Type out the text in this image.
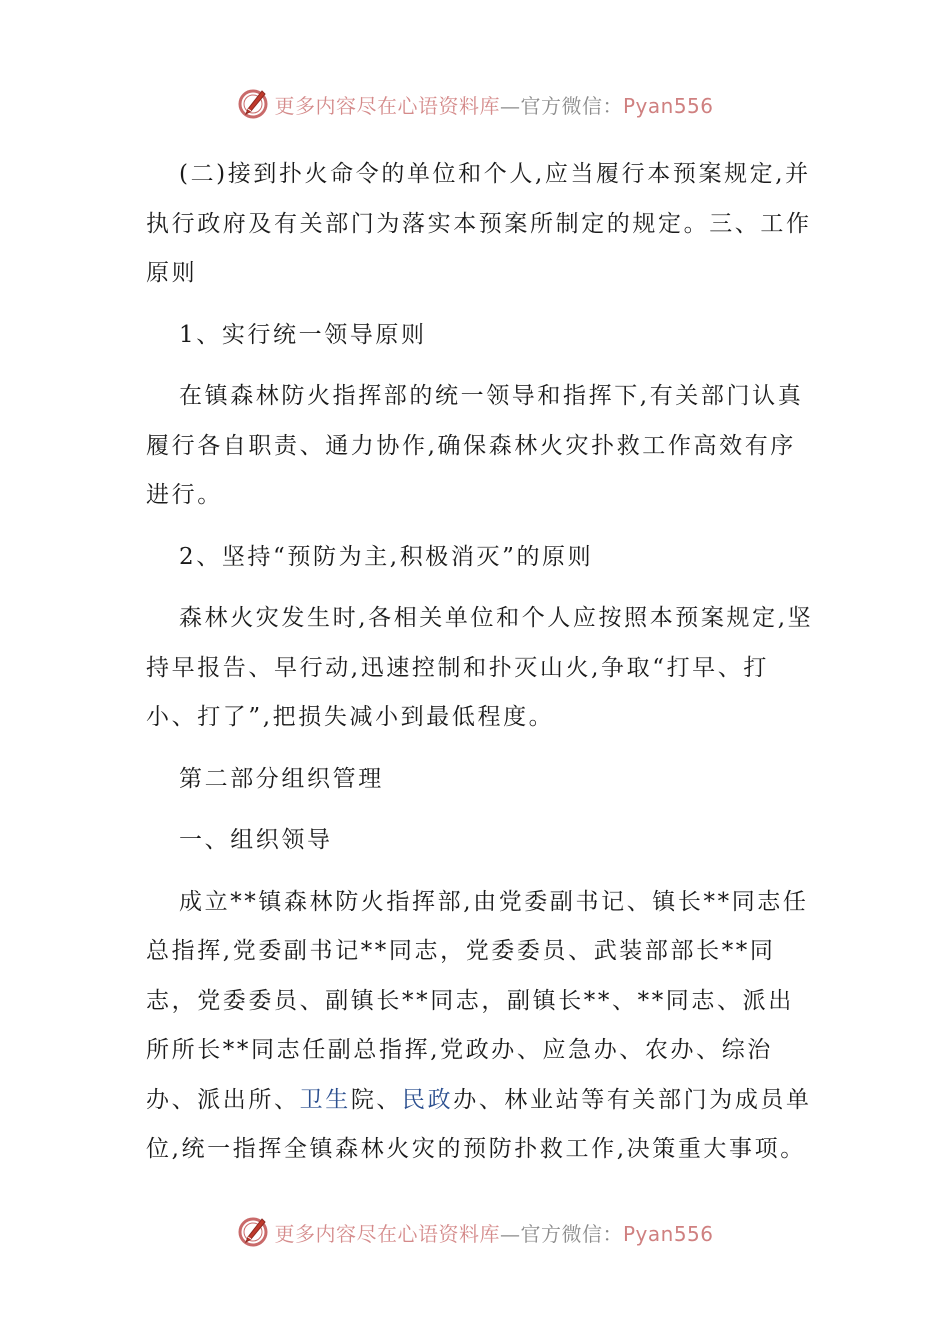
更多内容尽在心语资料库—官方微信：Pyan556

(二)接到扑火命令的单位和个人,应当履行本预案规定,并执行政府及有关部门为落实本预案所制定的规定。三、工作原则

1、实行统一领导原则

在镇森林防火指挥部的统一领导和指挥下,有关部门认真履行各自职责、通力协作,确保森林火灾扑救工作高效有序进行。

2、坚持“预防为主,积极消灭”的原则

森林火灾发生时,各相关单位和个人应按照本预案规定,坚持早报告、早行动,迅速控制和扑灭山火,争取“打早、打小、打了”,把损失减小到最低程度。

第二部分组织管理

一、组织领导

成立**镇森林防火指挥部,由党委副书记、镇长**同志任总指挥,党委副书记**同志，党委委员、武装部部长**同志，党委委员、副镇长**同志，副镇长**、**同志、派出所所长**同志任副总指挥,党政办、应急办、农办、综治办、派出所、卫生院、民政办、林业站等有关部门为成员单位,统一指挥全镇森林火灾的预防扑救工作,决策重大事项。

更多内容尽在心语资料库—官方微信：Pyan556
